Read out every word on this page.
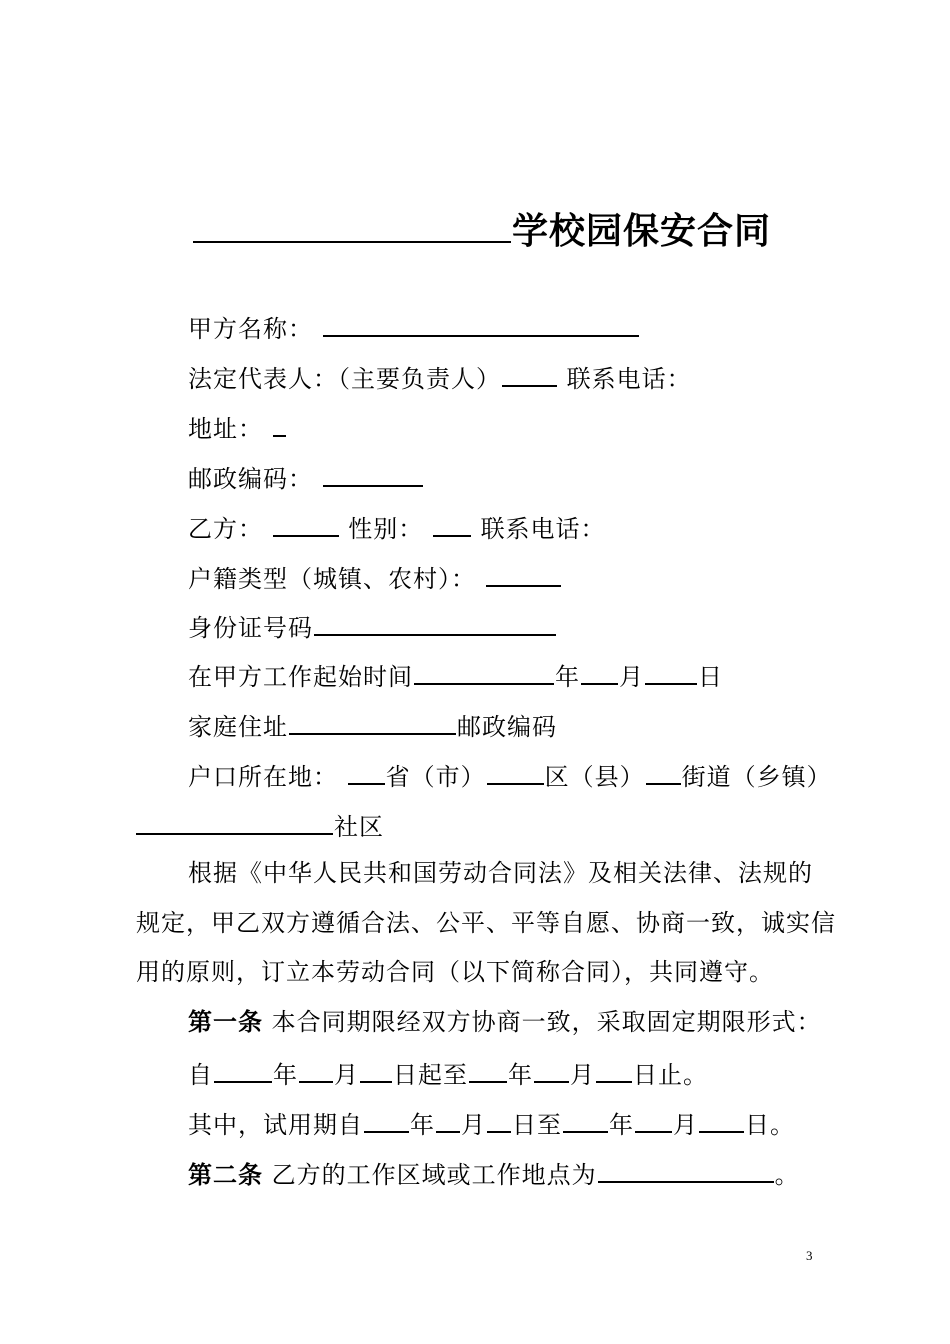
学校园保安合同
甲方名称：
法定代表人：（主要负责人）	联系电话：
地址：
邮政编码：
乙方：	性别： 联系电话：
户籍类型（城镇、农村）：
身份证号码
在甲方工作起始时间	年 月 日
家庭住址	邮政编码
户口所在地： 省（市） 区（县） 街道（乡镇）
社区
根据《中华人民共和国劳动合同法》及相关法律、法规的
规定，甲乙双方遵循合法、公平、平等自愿、协商一致，诚实信
用的原则，订立本劳动合同（以下简称合同），共同遵守。
第一条 本合同期限经双方协商一致，采取固定期限形式：
自	年 月 日起至 年 月 日止。
其中，试用期自 年 月 日至 年 月 日。
第二条 乙方的工作区域或工作地点为	。
3
